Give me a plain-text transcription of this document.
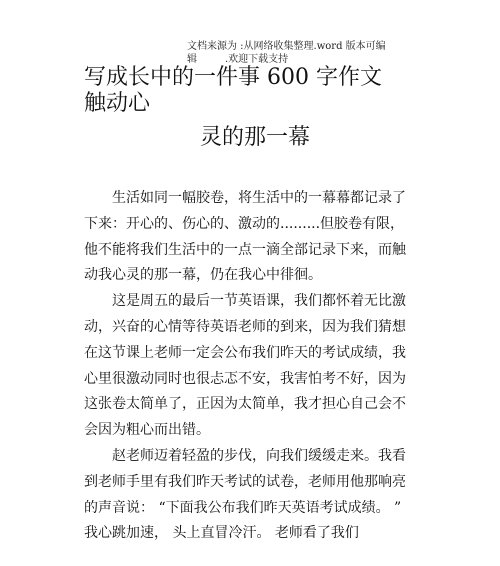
文档来源为 :从网络收集整理.word 版本可编
辑	.欢迎下载支持
写成长中的一件事 600 字作文
触动心
灵的那一幕

生活如同一幅胶卷，将生活中的一幕幕都记录了下来：开心的、伤心的、激动的.........但胶卷有限， 他不能将我们生活中的一点一滴全部记录下来，而触动我心灵的那一幕，仍在我心中徘徊。

这是周五的最后一节英语课，我们都怀着无比激动，兴奋的心情等待英语老师的到来，因为我们猜想在这节课上老师一定会公布我们昨天的考试成绩，我心里很激动同时也很忐忑不安，我害怕考不好，因为这张卷太简单了，正因为太简单，我才担心自己会不会因为粗心而出错。

赵老师迈着轻盈的步伐，向我们缓缓走来。我看到老师手里有我们昨天考试的试卷，老师用他那响亮的声音说： “下面我公布我们昨天英语考试成绩。 ” 我心跳加速， 头上直冒冷汗。 老师看了我们
